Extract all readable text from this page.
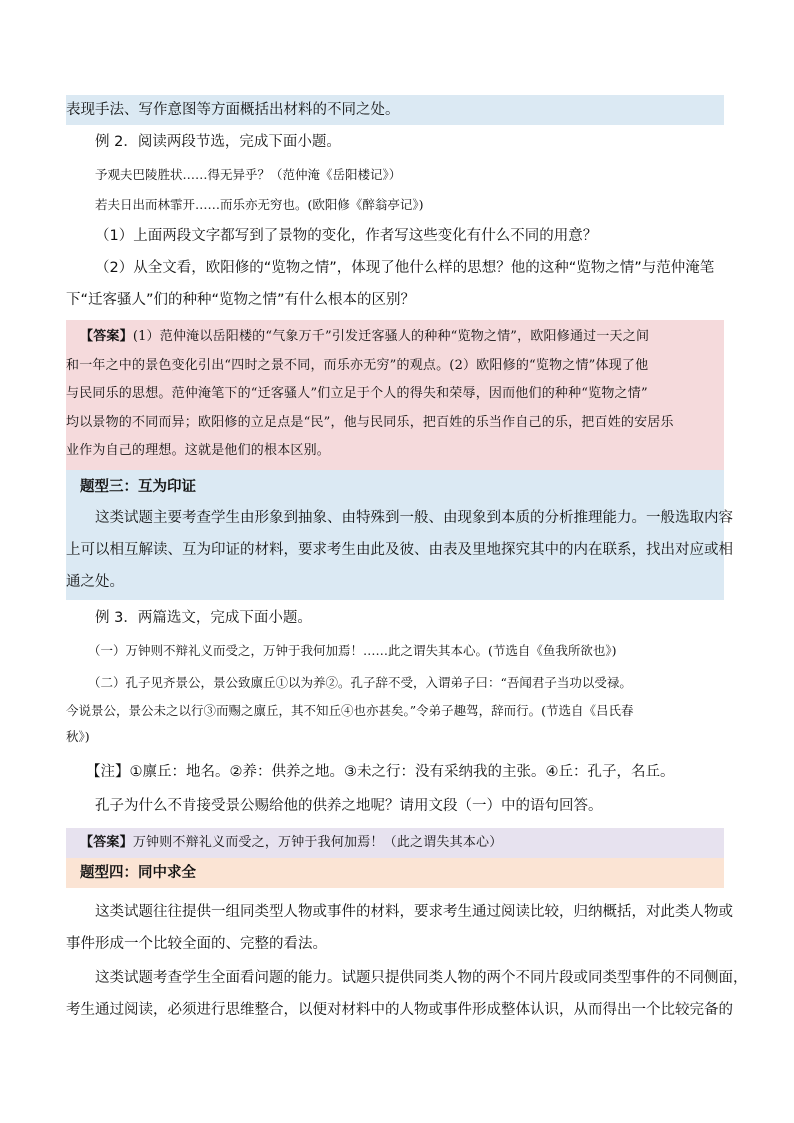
表现手法、写作意图等方面概括出材料的不同之处。
例 2．阅读两段节选，完成下面小题。
予观夫巴陵胜状……得无异乎？（范仲淹《岳阳楼记》）
若夫日出而林霏开……而乐亦无穷也。(欧阳修《醉翁亭记》)
（1）上面两段文字都写到了景物的变化，作者写这些变化有什么不同的用意？
（2）从全文看，欧阳修的“览物之情”，体现了他什么样的思想？他的这种“览物之情”与范仲淹笔
下“迁客骚人”们的种种“览物之情”有什么根本的区别？
【答案】(1）范仲淹以岳阳楼的“气象万千”引发迁客骚人的种种“览物之情”，欧阳修通过一天之间
和一年之中的景色变化引出“四时之景不同，而乐亦无穷”的观点。(2）欧阳修的“览物之情”体现了他
与民同乐的思想。范仲淹笔下的“迁客骚人”们立足于个人的得失和荣辱，因而他们的种种“览物之情”
均以景物的不同而异；欧阳修的立足点是“民”，他与民同乐，把百姓的乐当作自己的乐，把百姓的安居乐
业作为自己的理想。这就是他们的根本区别。
题型三：互为印证
这类试题主要考查学生由形象到抽象、由特殊到一般、由现象到本质的分析推理能力。一般选取内容
上可以相互解读、互为印证的材料，要求考生由此及彼、由表及里地探究其中的内在联系，找出对应或相
通之处。
例 3．两篇选文，完成下面小题。
（一）万钟则不辩礼义而受之，万钟于我何加焉！……此之谓失其本心。(节选自《鱼我所欲也》)
（二）孔子见齐景公，景公致廪丘①以为养②。孔子辞不受，入谓弟子曰：“吾闻君子当功以受禄。
今说景公，景公未之以行③而赐之廪丘，其不知丘④也亦甚矣。”令弟子趣驾，辞而行。(节选自《吕氏春
秋》)
【注】①廪丘：地名。②养：供养之地。③未之行：没有采纳我的主张。④丘：孔子，名丘。
孔子为什么不肯接受景公赐给他的供养之地呢？请用文段（一）中的语句回答。
【答案】万钟则不辩礼义而受之，万钟于我何加焉！（此之谓失其本心）
题型四：同中求全
这类试题往往提供一组同类型人物或事件的材料，要求考生通过阅读比较，归纳概括，对此类人物或
事件形成一个比较全面的、完整的看法。
这类试题考查学生全面看问题的能力。试题只提供同类人物的两个不同片段或同类型事件的不同侧面，
考生通过阅读，必须进行思维整合，以便对材料中的人物或事件形成整体认识，从而得出一个比较完备的
